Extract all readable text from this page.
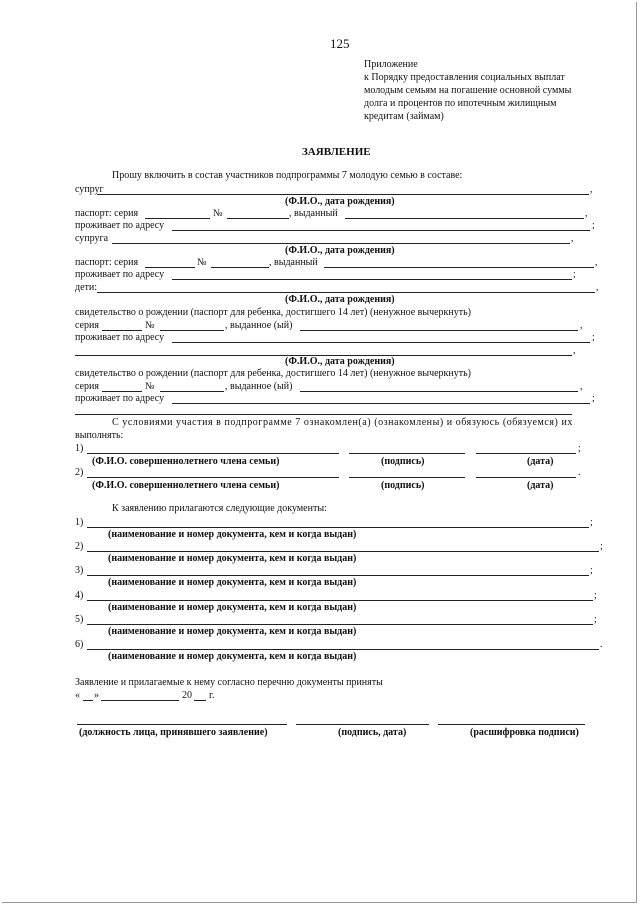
125
Приложение
к Порядку предоставления социальных выплат
молодым семьям на погашение основной суммы
долга и процентов по ипотечным жилищным
кредитам (займам)
ЗАЯВЛЕНИЕ
Прошу включить в состав участников подпрограммы 7 молодую семью в составе:
супруг	,
(Ф.И.О., дата рождения)
паспорт: серия	№	, выданный	,
проживает по адресу	;
супруга	,
(Ф.И.О., дата рождения)
паспорт: серия	№	, выданный	,
проживает по адресу	;
дети:	,
(Ф.И.О., дата рождения)
свидетельство о рождении (паспорт для ребенка, достигшего 14 лет) (ненужное вычеркнуть)
серия	№	, выданное (ый)	,
проживает по адресу	;
,
(Ф.И.О., дата рождения)
свидетельство о рождении (паспорт для ребенка, достигшего 14 лет) (ненужное вычеркнуть)
серия	№	, выданное (ый)	,
проживает по адресу	;
С условиями участия в подпрограмме 7 ознакомлен(а) (ознакомлены) и обязуюсь (обязуемся) их
выполнять:
1)	;
(Ф.И.О. совершеннолетнего члена семьи)	(подпись)	(дата)
2)	.
(Ф.И.О. совершеннолетнего члена семьи)	(подпись)	(дата)
К заявлению прилагаются следующие документы:
1)	;
(наименование и номер документа, кем и когда выдан)
2)	;
(наименование и номер документа, кем и когда выдан)
3)	;
(наименование и номер документа, кем и когда выдан)
4)	;
(наименование и номер документа, кем и когда выдан)
5)	;
(наименование и номер документа, кем и когда выдан)
6)	.
(наименование и номер документа, кем и когда выдан)
Заявление и прилагаемые к нему согласно перечню документы приняты
« »	20 г.
(должность лица, принявшего заявление)	(подпись, дата)	(расшифровка подписи)
